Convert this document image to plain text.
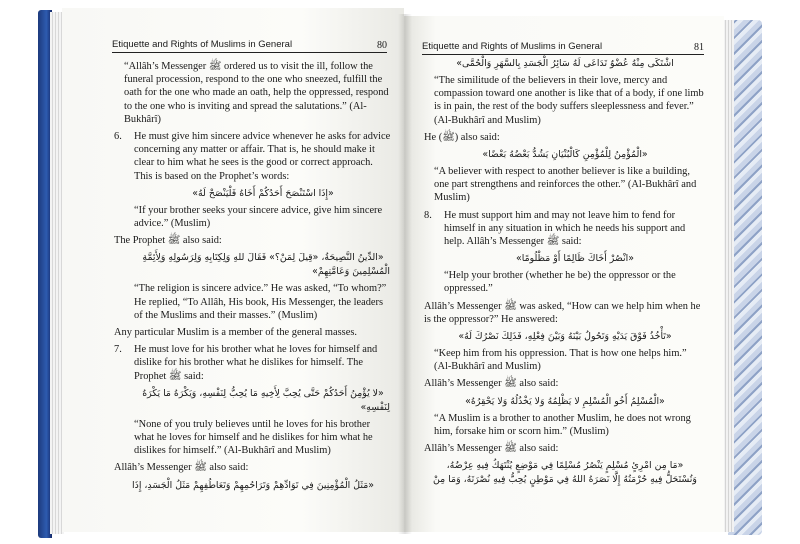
Etiquette and Rights of Muslims in General	80

“Allâh’s Messenger ﷺ ordered us to visit the ill, follow the funeral procession, respond to the one who sneezed, fulfill the oath for the one who made an oath, help the oppressed, respond to the one who is inviting and spread the salutations.” (Al-Bukhârî)

6. He must give him sincere advice whenever he asks for advice concerning any matter or affair. That is, he should make it clear to him what he sees is the good or correct approach. This is based on the Prophet’s words:

«إِذَا اسْتَنْصَحَ أَحَدُكُمْ أَخَاهُ فَلْيَنْصَحْ لَهُ»

“If your brother seeks your sincere advice, give him sincere advice.” (Muslim)

The Prophet ﷺ also said:

«الدِّينُ النَّصِيحَةُ، «قِيلَ لِمَنْ؟» فَقَالَ للهِ وَلِكِتَابِهِ وَلِرَسُولِهِ وَلِأَئِمَّةِ

الْمُسْلِمِينَ وَعَامَّتِهِمْ»

“The religion is sincere advice.” He was asked, “To whom?” He replied, “To Allâh, His book, His Messenger, the leaders of the Muslims and their masses.” (Muslim)

Any particular Muslim is a member of the general masses.

7. He must love for his brother what he loves for himself and dislike for his brother what he dislikes for himself. The Prophet ﷺ said:

«لا يُؤْمِنُ أَحَدُكُمْ حَتَّى يُحِبَّ لِأَخِيهِ مَا يُحِبُّ لِنَفْسِهِ، وَيَكْرَهُ مَا يَكْرَهُ

لِنَفْسِهِ»

“None of you truly believes until he loves for his brother what he loves for himself and he dislikes for him what he dislikes for himself.” (Al-Bukhârî and Muslim)

Allâh’s Messenger ﷺ also said:

«مَثَلُ الْمُؤْمِنِينَ فِي تَوَادِّهِمْ وَتَرَاحُمِهِمْ وَتَعَاطُفِهِمْ مَثَلُ الْجَسَدِ، إِذَا

Etiquette and Rights of Muslims in General	81

اشْتَكَى مِنْهُ عُضْوٌ تَدَاعَى لَهُ سَائِرُ الْجَسَدِ بِالسَّهَرِ وَالْحُمَّى»

“The similitude of the believers in their love, mercy and compassion toward one another is like that of a body, if one limb is in pain, the rest of the body suffers sleeplessness and fever.” (Al-Bukhârî and Muslim)

He (ﷺ) also said:

«الْمُؤْمِنُ لِلْمُؤْمِنِ كَالْبُنْيَانِ يَشُدُّ بَعْضُهُ بَعْضًا»

“A believer with respect to another believer is like a building, one part strengthens and reinforces the other.” (Al-Bukhârî and Muslim)

8. He must support him and may not leave him to fend for himself in any situation in which he needs his support and help. Allâh’s Messenger ﷺ said:

«انْصُرْ أَخَاكَ ظَالِمًا أَوْ مَظْلُومًا»

“Help your brother (whether he be) the oppressor or the oppressed.”

Allâh’s Messenger ﷺ was asked, “How can we help him when he is the oppressor?” He answered:

«تَأْخُذُ فَوْقَ يَدَيْهِ وَتَحُولُ بَيْنَهُ وَبَيْنَ فِعْلِهِ، فَذَلِكَ نَصْرُكَ لَهُ»

“Keep him from his oppression. That is how one helps him.” (Al-Bukhârî and Muslim)

Allâh’s Messenger ﷺ also said:

«الْمُسْلِمُ أَخُو الْمُسْلِمِ لا يَظْلِمُهُ وَلا يَخْذُلُهُ وَلا يَحْقِرُهُ»

“A Muslim is a brother to another Muslim, he does not wrong him, forsake him or scorn him.” (Muslim)

Allâh’s Messenger ﷺ also said:

«مَا مِن امْرِئٍ مُسْلِمٍ يَنْصُرُ مُسْلِمًا فِي مَوْضِعٍ يُنْتَهَكُ فِيهِ عِرْضُهُ،

وَتُسْتَحَلُّ فِيهِ حُرْمَتُهُ إِلَّا نَصَرَهُ اللهُ فِي مَوْطِنٍ يُحِبُّ فِيهِ نُصْرَتَهُ، وَمَا مِنْ
